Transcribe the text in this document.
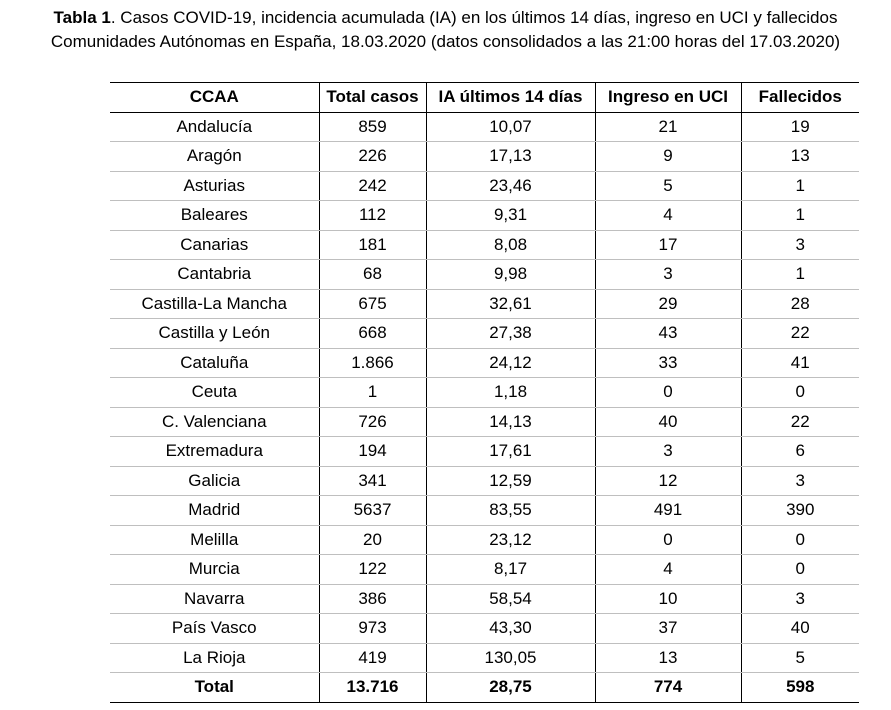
Tabla 1. Casos COVID-19, incidencia acumulada (IA) en los últimos 14 días, ingreso en UCI y fallecidos
Comunidades Autónomas en España, 18.03.2020 (datos consolidados a las 21:00 horas del 17.03.2020)
CCAA	Total casos	IA últimos 14 días	Ingreso en UCI	Fallecidos
Andalucía	859	10,07	21	19
Aragón	226	17,13	9	13
Asturias	242	23,46	5	1
Baleares	112	9,31	4	1
Canarias	181	8,08	17	3
Cantabria	68	9,98	3	1
Castilla-La Mancha	675	32,61	29	28
Castilla y León	668	27,38	43	22
Cataluña	1.866	24,12	33	41
Ceuta	1	1,18	0	0
C. Valenciana	726	14,13	40	22
Extremadura	194	17,61	3	6
Galicia	341	12,59	12	3
Madrid	5637	83,55	491	390
Melilla	20	23,12	0	0
Murcia	122	8,17	4	0
Navarra	386	58,54	10	3
País Vasco	973	43,30	37	40
La Rioja	419	130,05	13	5
Total	13.716	28,75	774	598
